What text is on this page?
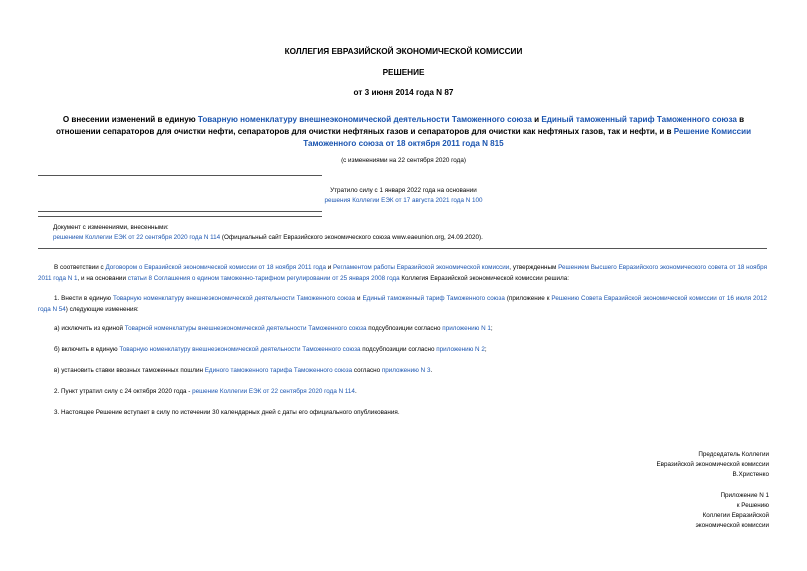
КОЛЛЕГИЯ ЕВРАЗИЙСКОЙ ЭКОНОМИЧЕСКОЙ КОМИССИИ
РЕШЕНИЕ
от 3 июня 2014 года N 87
О внесении изменений в единую Товарную номенклатуру внешнеэкономической деятельности Таможенного союза и Единый таможенный тариф Таможенного союза в отношении сепараторов для очистки нефти, сепараторов для очистки нефтяных газов и сепараторов для очистки как нефтяных газов, так и нефти, и в Решение Комиссии Таможенного союза от 18 октября 2011 года N 815
(с изменениями на 22 сентября 2020 года)
Утратило силу с 1 января 2022 года на основании
решения Коллегии ЕЭК от 17 августа 2021 года N 100
Документ с изменениями, внесенными:
решением Коллегии ЕЭК от 22 сентября 2020 года N 114 (Официальный сайт Евразийского экономического союза www.eaeunion.org, 24.09.2020).
В соответствии с Договором о Евразийской экономической комиссии от 18 ноября 2011 года и Регламентом работы Евразийской экономической комиссии, утвержденным Решением Высшего Евразийского экономического совета от 18 ноября 2011 года N 1, и на основании статьи 8 Соглашения о едином таможенно-тарифном регулировании от 25 января 2008 года Коллегия Евразийской экономической комиссии решила:
1. Внести в единую Товарную номенклатуру внешнеэкономической деятельности Таможенного союза и Единый таможенный тариф Таможенного союза (приложение к Решению Совета Евразийской экономической комиссии от 16 июля 2012 года N 54) следующие изменения:
а) исключить из единой Товарной номенклатуры внешнеэкономической деятельности Таможенного союза подсубпозиции согласно приложению N 1;
б) включить в единую Товарную номенклатуру внешнеэкономической деятельности Таможенного союза подсубпозиции согласно приложению N 2;
в) установить ставки ввозных таможенных пошлин Единого таможенного тарифа Таможенного союза согласно приложению N 3.
2. Пункт утратил силу с 24 октября 2020 года - решение Коллегии ЕЭК от 22 сентября 2020 года N 114.
3. Настоящее Решение вступает в силу по истечении 30 календарных дней с даты его официального опубликования.
Председатель Коллегии
Евразийской экономической комиссии
В.Христенко
Приложение N 1
к Решению
Коллегии Евразийской
экономической комиссии
